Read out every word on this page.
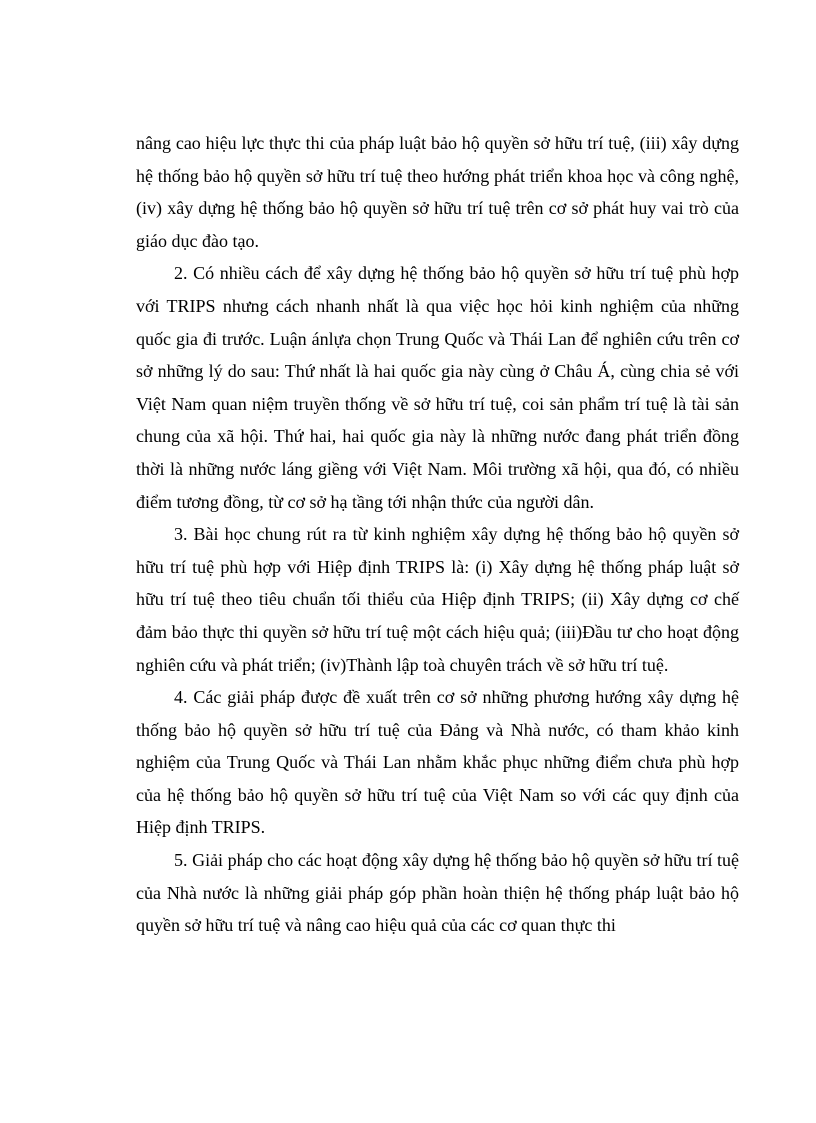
nâng cao hiệu lực thực thi của pháp luật bảo hộ quyền sở hữu trí tuệ, (iii) xây dựng hệ thống bảo hộ quyền sở hữu trí tuệ theo hướng phát triển khoa học và công nghệ, (iv) xây dựng hệ thống bảo hộ quyền sở hữu trí tuệ trên cơ sở phát huy vai trò của giáo dục đào tạo.

2. Có nhiều cách để xây dựng hệ thống bảo hộ quyền sở hữu trí tuệ phù hợp với TRIPS nhưng cách nhanh nhất là qua việc học hỏi kinh nghiệm của những quốc gia đi trước. Luận ánlựa chọn Trung Quốc và Thái Lan để nghiên cứu trên cơ sở những lý do sau: Thứ nhất là hai quốc gia này cùng ở Châu Á, cùng chia sẻ với Việt Nam quan niệm truyền thống về sở hữu trí tuệ, coi sản phẩm trí tuệ là tài sản chung của xã hội. Thứ hai, hai quốc gia này là những nước đang phát triển đồng thời là những nước láng giềng với Việt Nam. Môi trường xã hội, qua đó, có nhiều điểm tương đồng, từ cơ sở hạ tầng tới nhận thức của người dân.

3. Bài học chung rút ra từ kinh nghiệm xây dựng hệ thống bảo hộ quyền sở hữu trí tuệ phù hợp với Hiệp định TRIPS là: (i) Xây dựng hệ thống pháp luật sở hữu trí tuệ theo tiêu chuẩn tối thiểu của Hiệp định TRIPS; (ii) Xây dựng cơ chế đảm bảo thực thi quyền sở hữu trí tuệ một cách hiệu quả; (iii)Đầu tư cho hoạt động nghiên cứu và phát triển; (iv)Thành lập toà chuyên trách về sở hữu trí tuệ.

4. Các giải pháp được đề xuất trên cơ sở những phương hướng xây dựng hệ thống bảo hộ quyền sở hữu trí tuệ của Đảng và Nhà nước, có tham khảo kinh nghiệm của Trung Quốc và Thái Lan nhằm khắc phục những điểm chưa phù hợp của hệ thống bảo hộ quyền sở hữu trí tuệ của Việt Nam so với các quy định của Hiệp định TRIPS.

5. Giải pháp cho các hoạt động xây dựng hệ thống bảo hộ quyền sở hữu trí tuệ của Nhà nước là những giải pháp góp phần hoàn thiện hệ thống pháp luật bảo hộ quyền sở hữu trí tuệ và nâng cao hiệu quả của các cơ quan thực thi
